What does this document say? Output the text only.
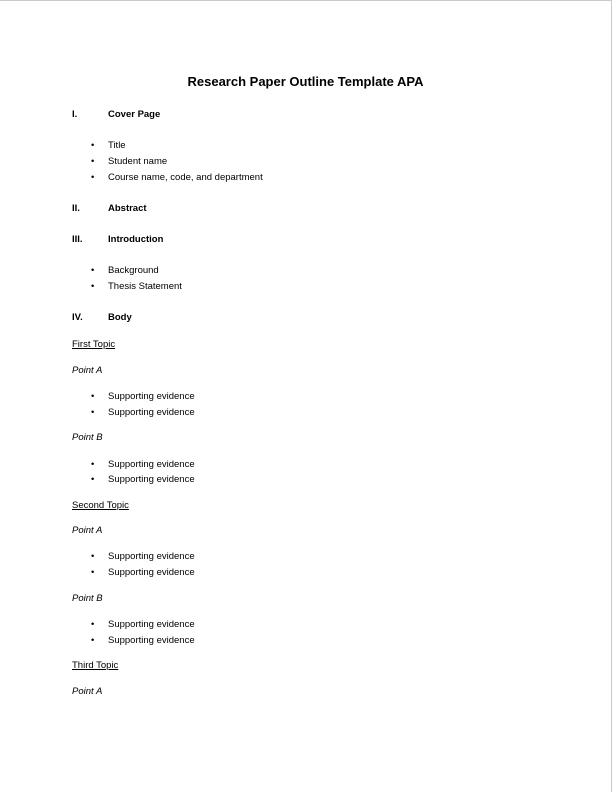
Research Paper Outline Template APA
I.	Cover Page
• Title
• Student name
• Course name, code, and department
II.	Abstract
III.	Introduction
• Background
• Thesis Statement
IV.	Body
First Topic
Point A
• Supporting evidence
• Supporting evidence
Point B
• Supporting evidence
• Supporting evidence
Second Topic
Point A
• Supporting evidence
• Supporting evidence
Point B
• Supporting evidence
• Supporting evidence
Third Topic
Point A
